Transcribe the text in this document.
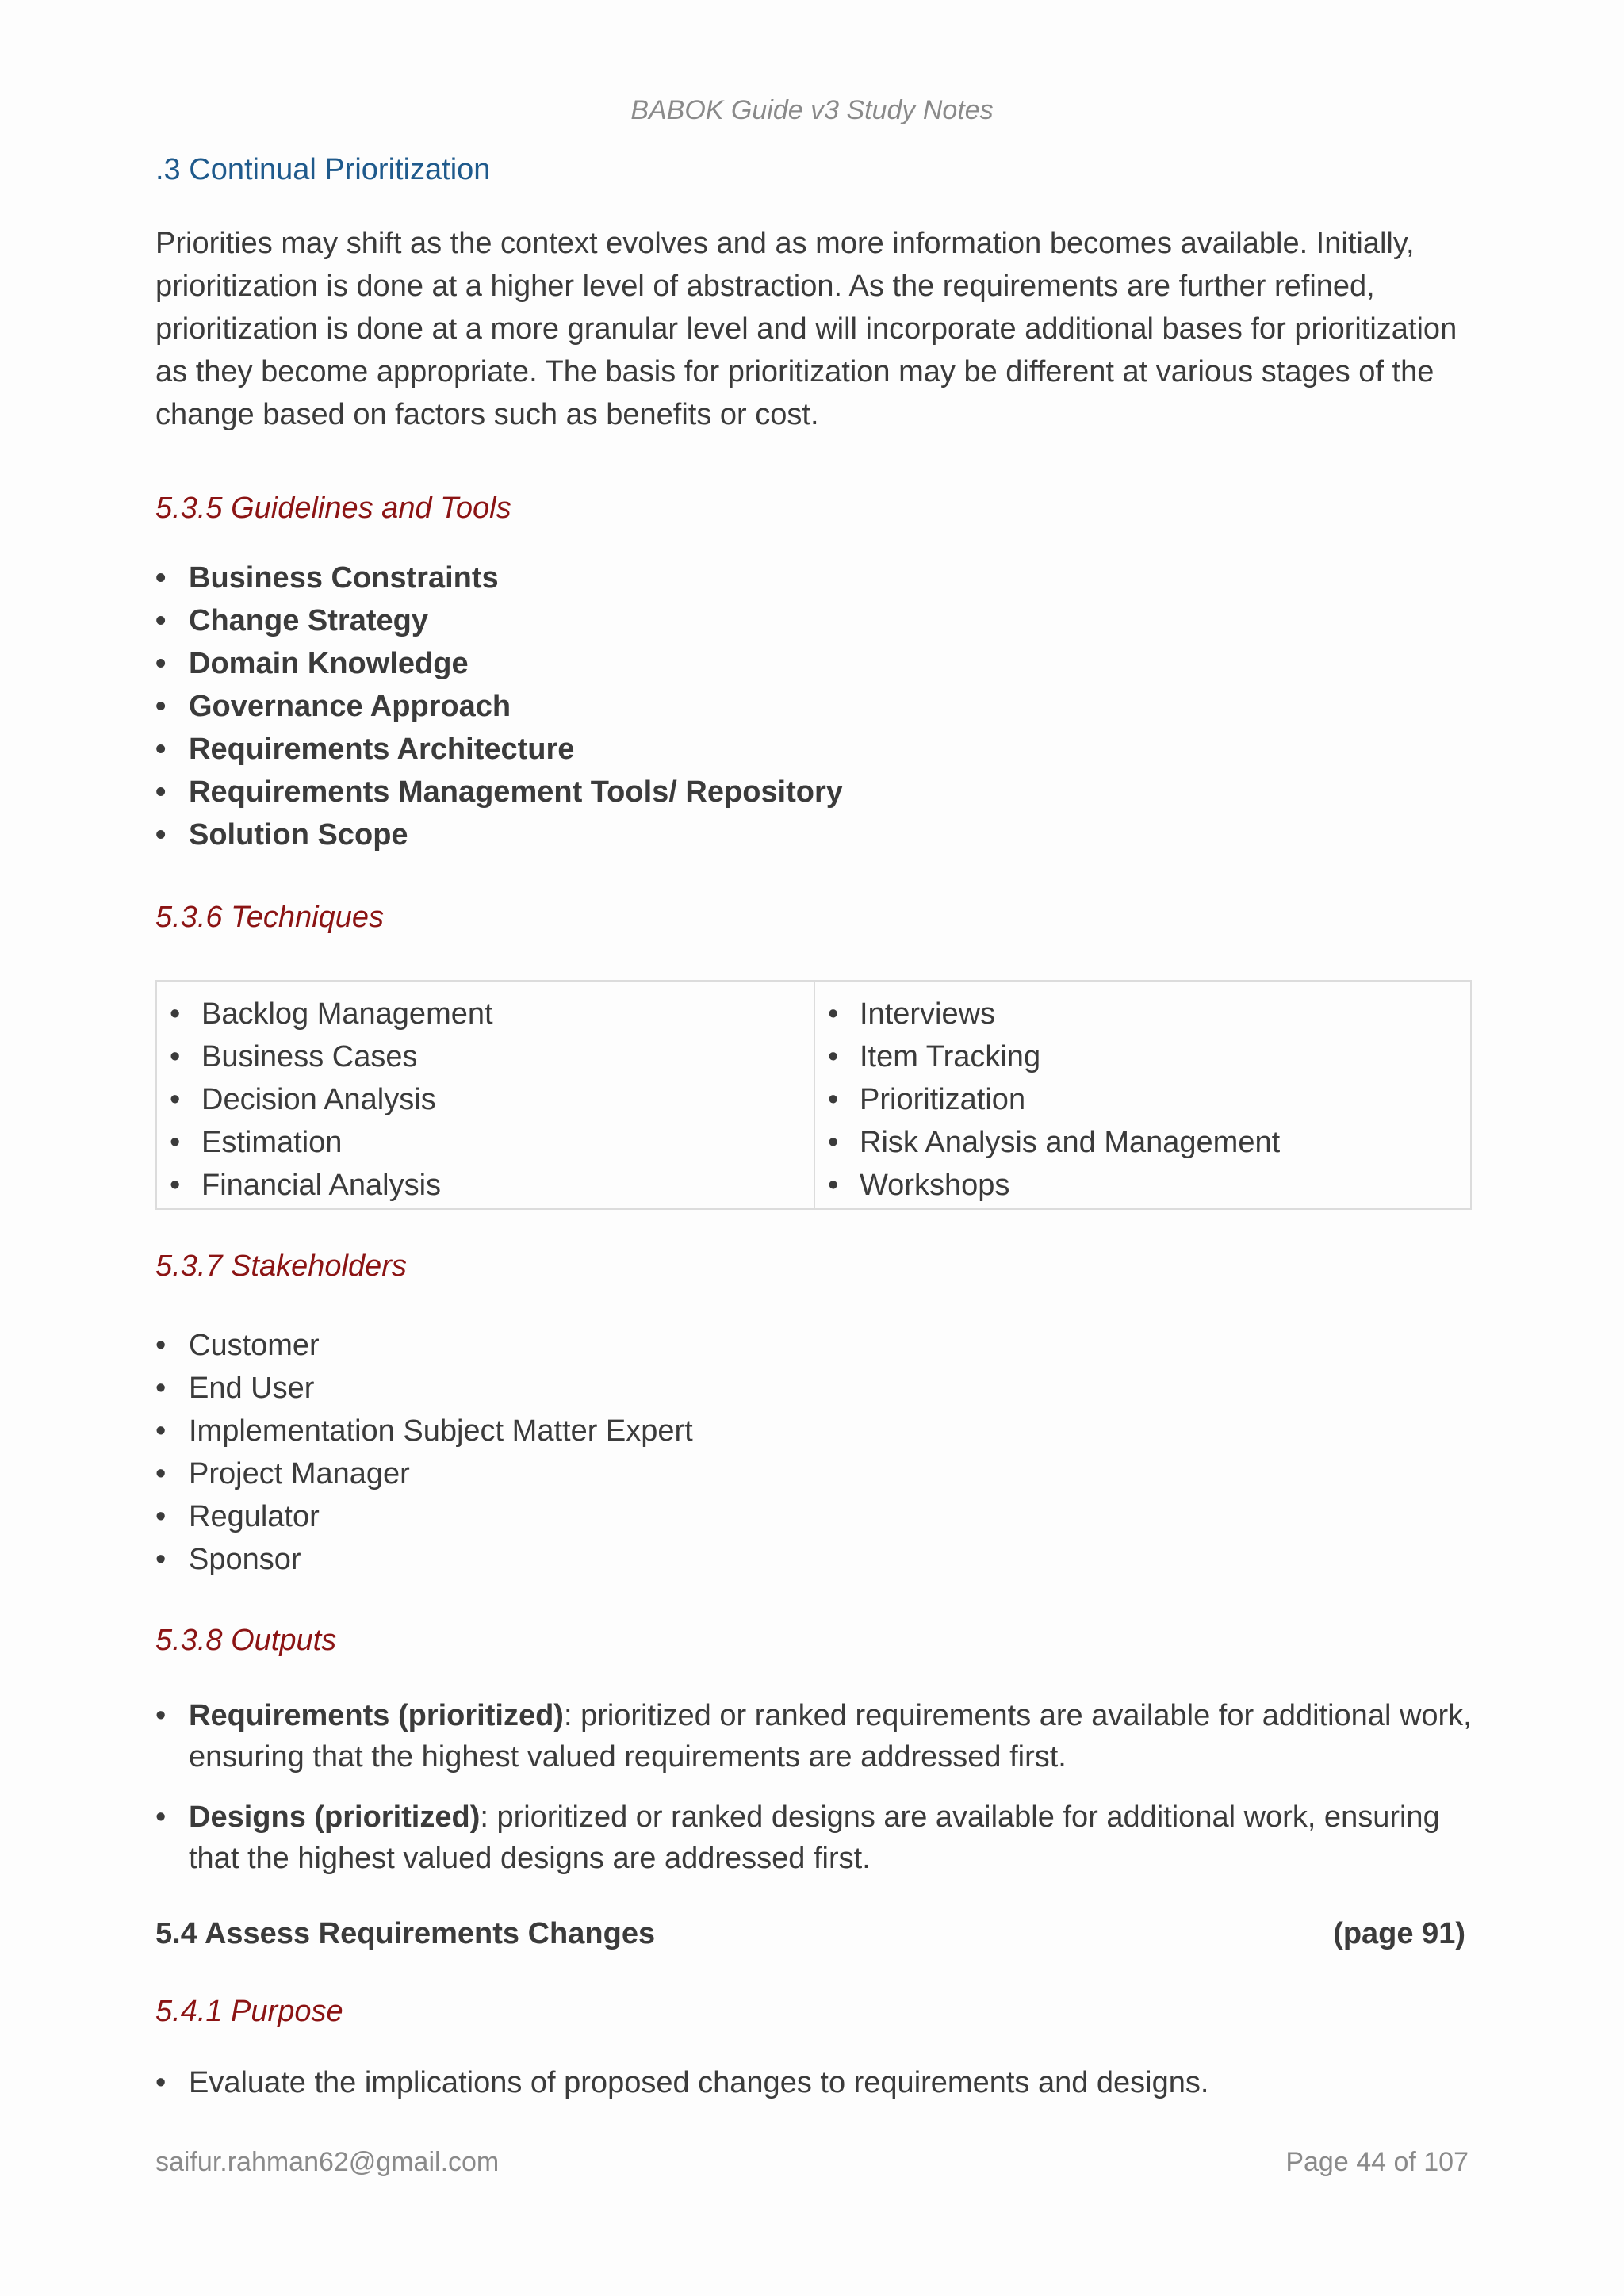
BABOK Guide v3 Study Notes
.3 Continual Prioritization
Priorities may shift as the context evolves and as more information becomes available. Initially, prioritization is done at a higher level of abstraction. As the requirements are further refined, prioritization is done at a more granular level and will incorporate additional bases for prioritization as they become appropriate. The basis for prioritization may be different at various stages of the change based on factors such as benefits or cost.
5.3.5 Guidelines and Tools
• Business Constraints
• Change Strategy
• Domain Knowledge
• Governance Approach
• Requirements Architecture
• Requirements Management Tools/ Repository
• Solution Scope
5.3.6 Techniques
• Backlog Management
• Business Cases
• Decision Analysis
• Estimation
• Financial Analysis
• Interviews
• Item Tracking
• Prioritization
• Risk Analysis and Management
• Workshops
5.3.7 Stakeholders
• Customer
• End User
• Implementation Subject Matter Expert
• Project Manager
• Regulator
• Sponsor
5.3.8 Outputs
• Requirements (prioritized): prioritized or ranked requirements are available for additional work, ensuring that the highest valued requirements are addressed first.
• Designs (prioritized): prioritized or ranked designs are available for additional work, ensuring that the highest valued designs are addressed first.
5.4 Assess Requirements Changes	(page 91)
5.4.1 Purpose
• Evaluate the implications of proposed changes to requirements and designs.
saifur.rahman62@gmail.com	Page 44 of 107
